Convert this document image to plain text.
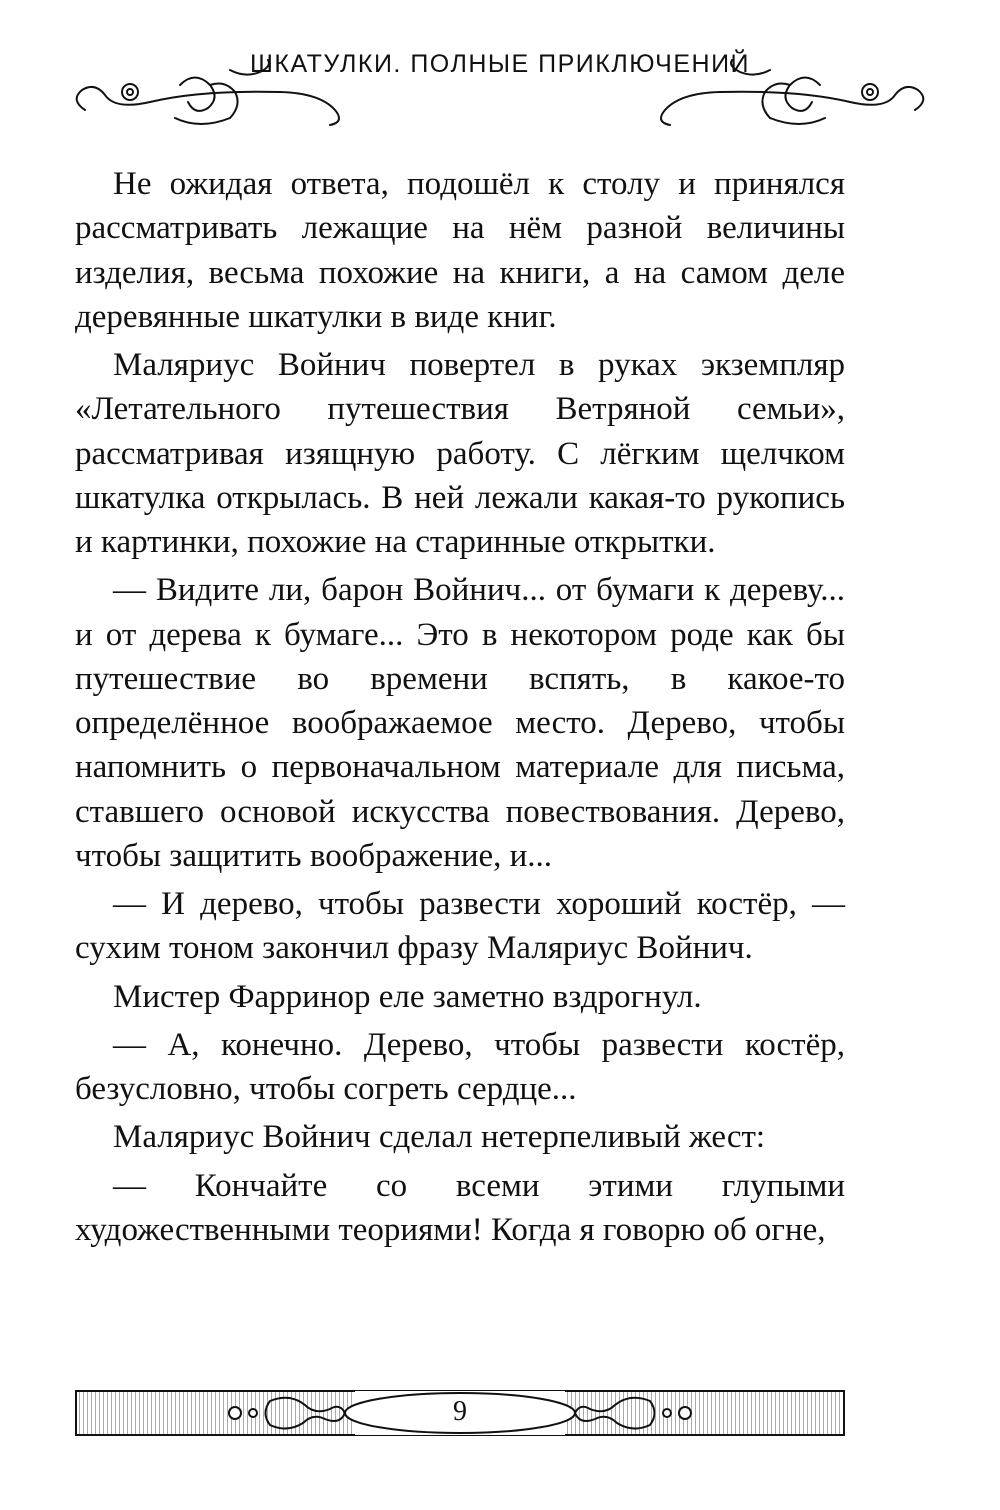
ШКАТУЛКИ. ПОЛНЫЕ ПРИКЛЮЧЕНИЙ

Не ожидая ответа, подошёл к столу и принялся рассматривать лежащие на нём разной величины изделия, весьма похожие на книги, а на самом деле деревянные шкатулки в виде книг.

Маляриус Войнич повертел в руках экземпляр «Летательного путешествия Ветряной семьи», рассматривая изящную работу. С лёгким щелчком шкатулка открылась. В ней лежали какая-то рукопись и картинки, похожие на старинные открытки.

— Видите ли, барон Войнич... от бумаги к дереву... и от дерева к бумаге... Это в некотором роде как бы путешествие во времени вспять, в какое-то определённое воображаемое место. Дерево, чтобы напомнить о первоначальном материале для письма, ставшего основой искусства повествования. Дерево, чтобы защитить воображение, и...

— И дерево, чтобы развести хороший костёр, — сухим тоном закончил фразу Маляриус Войнич.

Мистер Фарринор еле заметно вздрогнул.

— А, конечно. Дерево, чтобы развести костёр, безусловно, чтобы согреть сердце...

Маляриус Войнич сделал нетерпеливый жест:

— Кончайте со всеми этими глупыми художественными теориями! Когда я говорю об огне,

9
